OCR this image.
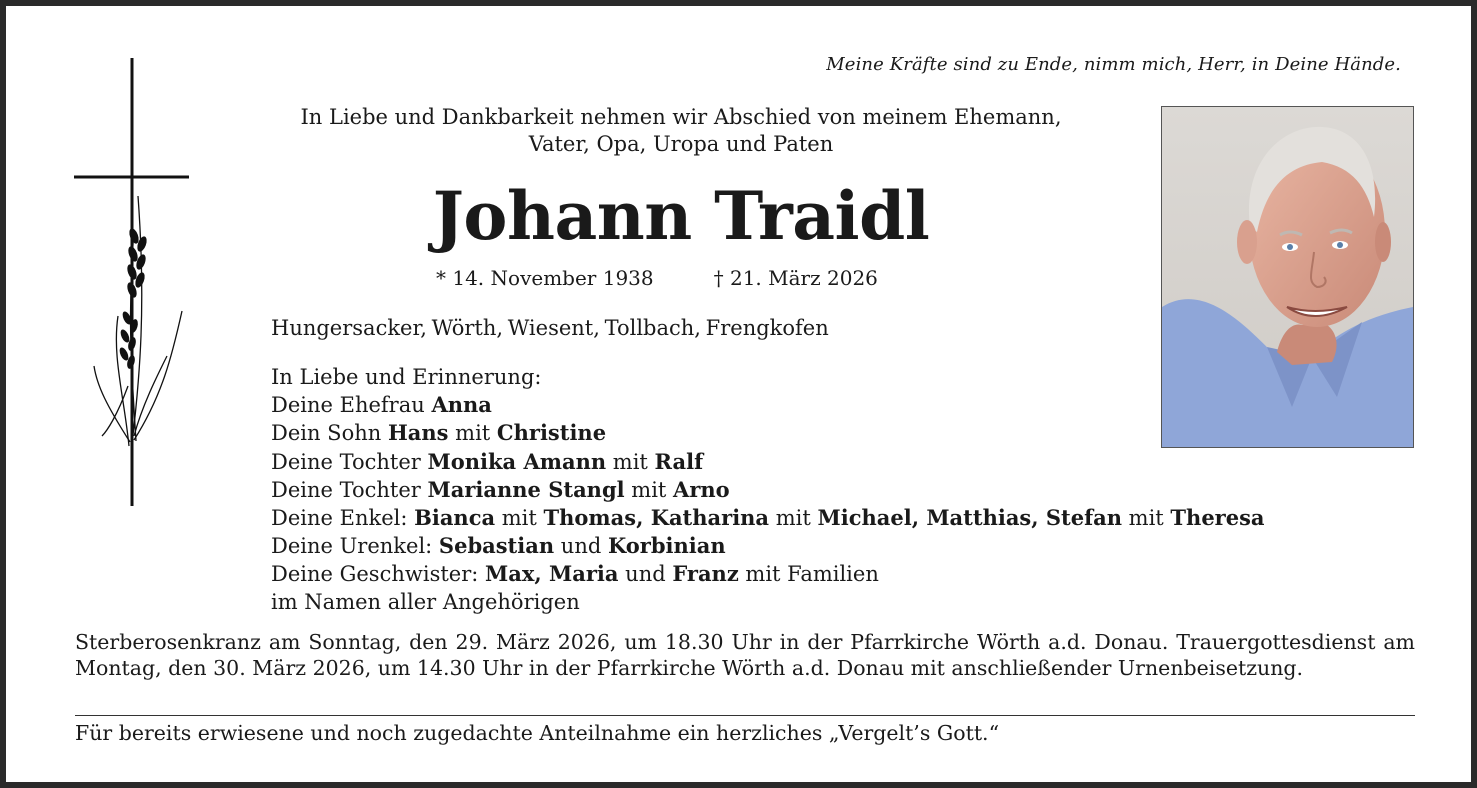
Meine Kräfte sind zu Ende, nimm mich, Herr, in Deine Hände.
In Liebe und Dankbarkeit nehmen wir Abschied von meinem Ehemann,
Vater, Opa, Uropa und Paten
Johann Traidl
* 14. November 1938	† 21. März 2026
Hungersacker, Wörth, Wiesent, Tollbach, Frengkofen
In Liebe und Erinnerung:
Deine Ehefrau Anna
Dein Sohn Hans mit Christine
Deine Tochter Monika Amann mit Ralf
Deine Tochter Marianne Stangl mit Arno
Deine Enkel: Bianca mit Thomas, Katharina mit Michael, Matthias, Stefan mit Theresa
Deine Urenkel: Sebastian und Korbinian
Deine Geschwister: Max, Maria und Franz mit Familien
im Namen aller Angehörigen
Sterberosenkranz am Sonntag, den 29. März 2026, um 18.30 Uhr in der Pfarrkirche Wörth a.d. Donau. Trauergottesdienst am Montag, den 30. März 2026, um 14.30 Uhr in der Pfarrkirche Wörth a.d. Donau mit anschließender Urnenbeisetzung.
Für bereits erwiesene und noch zugedachte Anteilnahme ein herzliches „Vergelt’s Gott.“
